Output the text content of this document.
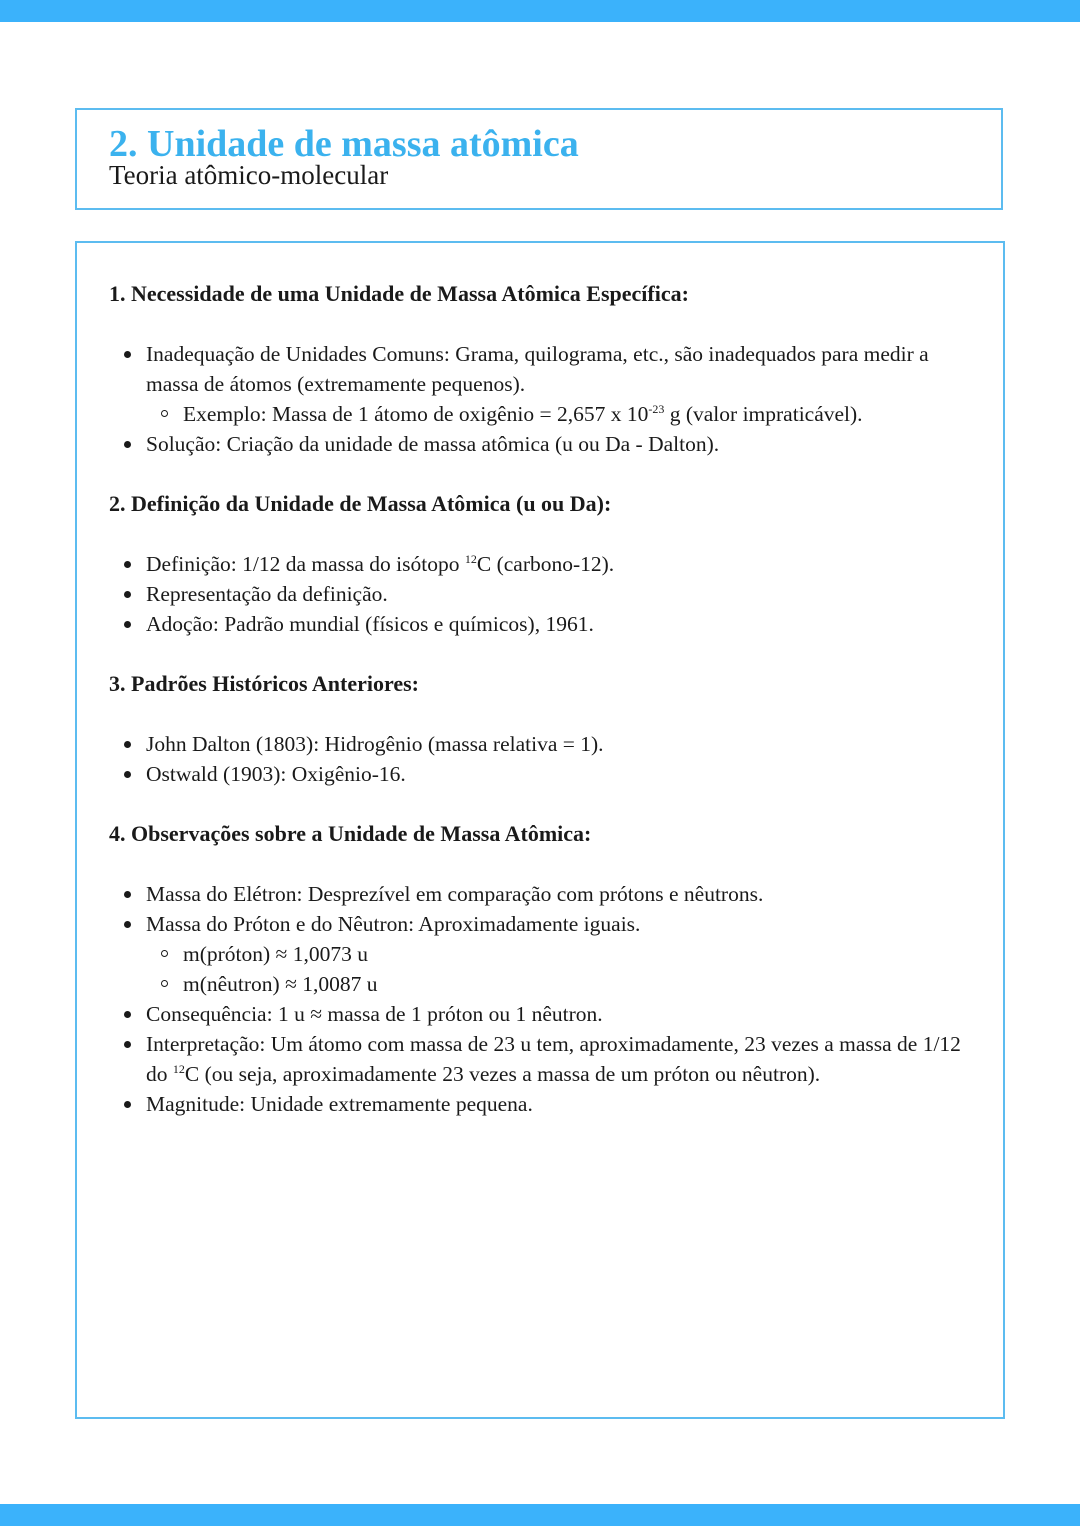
2. Unidade de massa atômica
Teoria atômico-molecular
1. Necessidade de uma Unidade de Massa Atômica Específica:
Inadequação de Unidades Comuns: Grama, quilograma, etc., são inadequados para medir a massa de átomos (extremamente pequenos).
Exemplo: Massa de 1 átomo de oxigênio = 2,657 x $10^{-23}$ g (valor impraticável).
Solução: Criação da unidade de massa atômica (u ou Da - Dalton).
2. Definição da Unidade de Massa Atômica (u ou Da):
Definição: 1/12 da massa do isótopo $^{12}$C (carbono-12).
Representação da definição.
Adoção: Padrão mundial (físicos e químicos), 1961.
3. Padrões Históricos Anteriores:
John Dalton (1803): Hidrogênio (massa relativa = 1).
Ostwald (1903): Oxigênio-16.
4. Observações sobre a Unidade de Massa Atômica:
Massa do Elétron: Desprezível em comparação com prótons e nêutrons.
Massa do Próton e do Nêutron: Aproximadamente iguais.
m(próton) ≈ 1,0073 u
m(nêutron) ≈ 1,0087 u
Consequência: 1 u ≈ massa de 1 próton ou 1 nêutron.
Interpretação: Um átomo com massa de 23 u tem, aproximadamente, 23 vezes a massa de 1/12 do $^{12}$C (ou seja, aproximadamente 23 vezes a massa de um próton ou nêutron).
Magnitude: Unidade extremamente pequena.
